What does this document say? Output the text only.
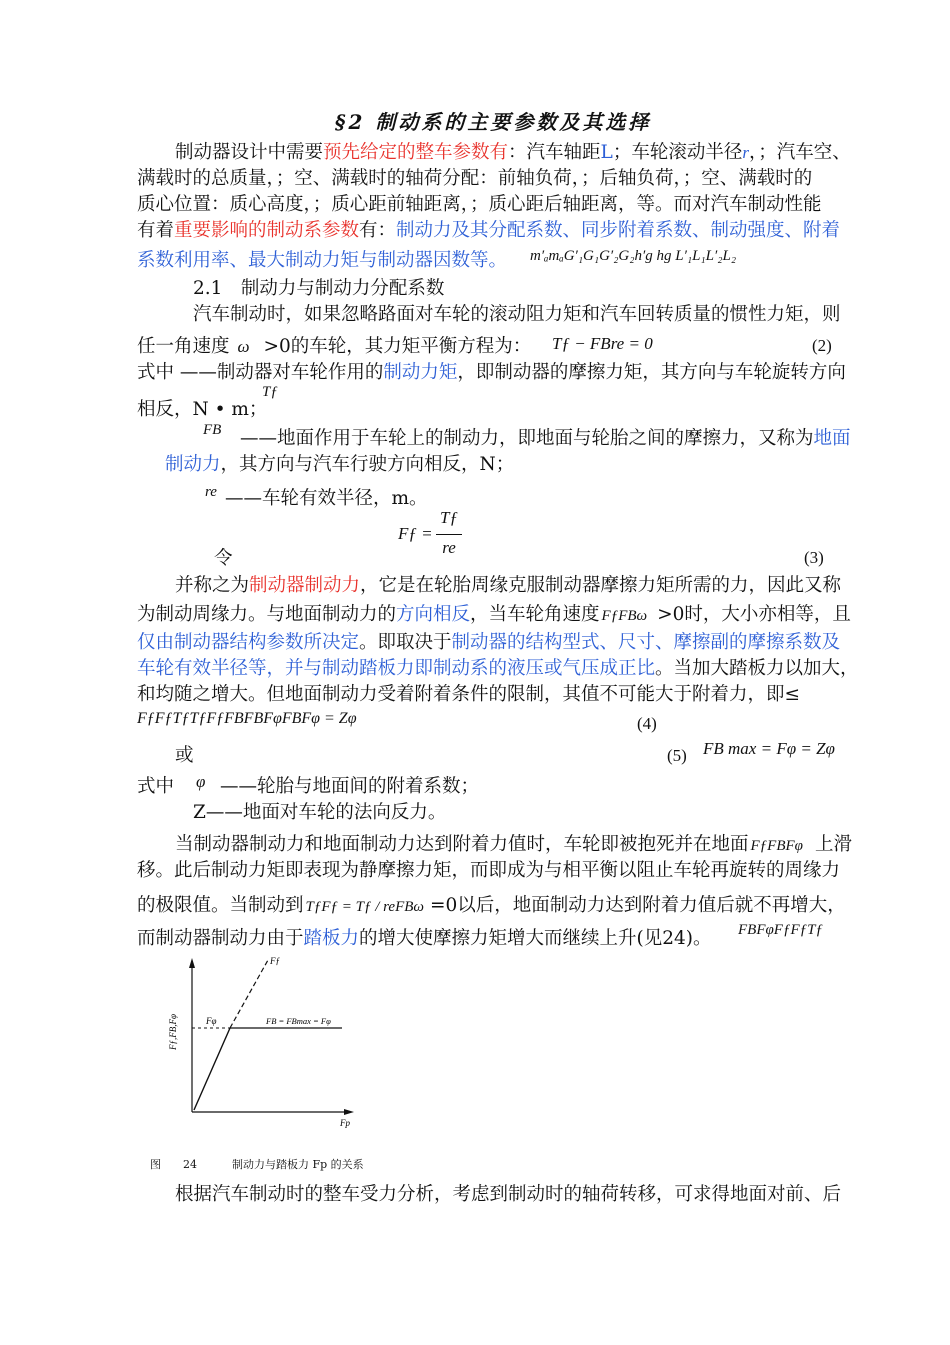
§2 制动系的主要参数及其选择
制动器设计中需要预先给定的整车参数有：汽车轴距L；车轮滚动半径r，；汽车空、
满载时的总质量，；空、满载时的轴荷分配：前轴负荷，；后轴负荷，；空、满载时的
质心位置：质心高度，；质心距前轴距离，；质心距后轴距离，等。而对汽车制动性能
有着重要影响的制动系参数有：制动力及其分配系数、同步附着系数、制动强度、附着
系数利用率、最大制动力矩与制动器因数等。 m′ₐmₐG′₁G₁G′₂G₂h′g hg L′₁L₁L′₂L₂
2.1　制动力与制动力分配系数
汽车制动时，如果忽略路面对车轮的滚动阻力矩和汽车回转质量的惯性力矩，则
任一角速度 ω >0的车轮，其力矩平衡方程为： Tƒ − FBre = 0	(2)
式中 ——制动器对车轮作用的制动力矩，即制动器的摩擦力矩，其方向与车轮旋转方向
相反，N • m；
Tƒ
FB ——地面作用于车轮上的制动力，即地面与轮胎之间的摩擦力，又称为地面
制动力，其方向与汽车行驶方向相反，N；
re ——车轮有效半径，m。
Fƒ =
Tƒ
re
令	(3)
并称之为制动器制动力，它是在轮胎周缘克服制动器摩擦力矩所需的力，因此又称
为制动周缘力。与地面制动力的方向相反，当车轮角速度 FƒFBω >0时，大小亦相等，且
仅由制动器结构参数所决定。即取决于制动器的结构型式、尺寸、摩擦副的摩擦系数及
车轮有效半径等，并与制动踏板力即制动系的液压或气压成正比。当加大踏板力以加大，
和均随之增大。但地面制动力受着附着条件的限制，其值不可能大于附着力，即≤
FƒFƒTƒTƒFƒFBFBFφFBFφ = Zφ	(4)
或	(5) FB max = Fφ = Zφ
式中 φ ——轮胎与地面间的附着系数；
Z——地面对车轮的法向反力。
当制动器制动力和地面制动力达到附着力值时，车轮即被抱死并在地面 FƒFBFφ 上滑
移。此后制动力矩即表现为静摩擦力矩，而即成为与相平衡以阻止车轮再旋转的周缘力
的极限值。当制动到 TƒFƒ = Tƒ / reFBω =0以后，地面制动力达到附着力值后就不再增大，
而制动器制动力由于踏板力的增大使摩擦力矩增大而继续上升(见24)。 FBFφFƒFƒTƒ
Fƒ,FB,Fφ
Fƒ
Fφ	FB = FBmax = Fφ
Fp
图　　24	制动力与踏板力 Fp 的关系
根据汽车制动时的整车受力分析，考虑到制动时的轴荷转移，可求得地面对前、后
